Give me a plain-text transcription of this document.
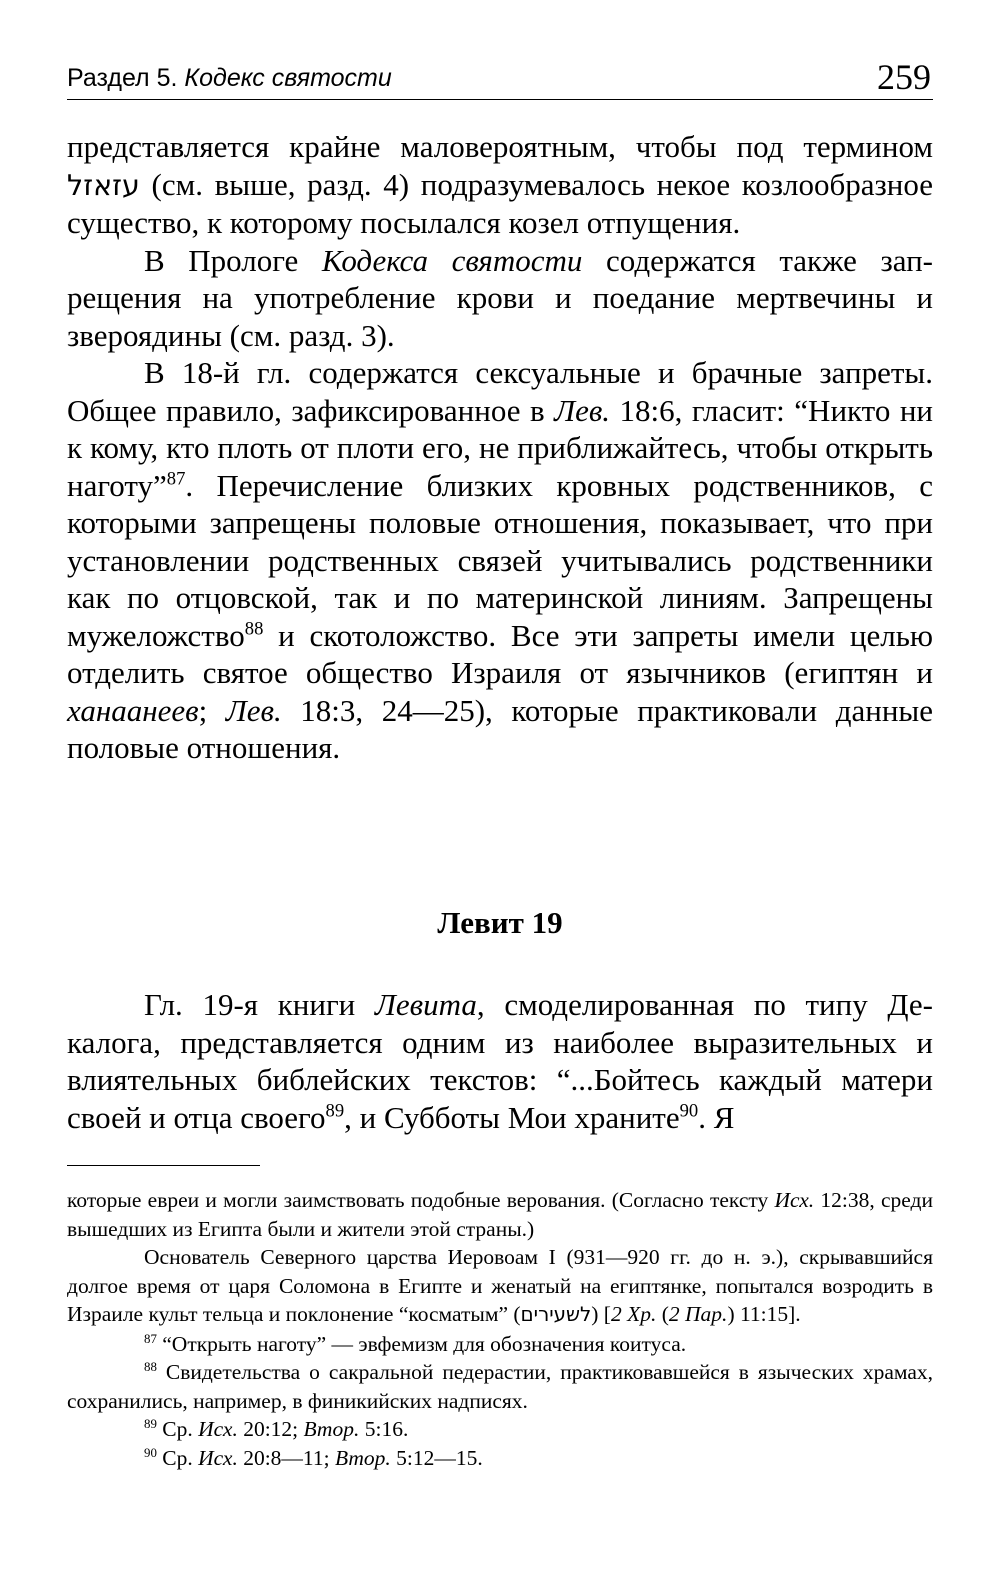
Раздел 5. Кодекс святости	259

представляется крайне маловероятным, чтобы под термином עזאזל (см. выше, разд. 4) подразумевалось некое козлообразное существо, к которому посылался козел отпущения.

В Прологе Кодекса святости содержатся также запрещения на употребление крови и поедание мертвечины и звероядины (см. разд. 3).

В 18-й гл. содержатся сексуальные и брачные запреты. Общее правило, зафиксированное в Лев. 18:6, гласит: “Никто ни к кому, кто плоть от плоти его, не приближайтесь, чтобы открыть наготу”$^{87}$. Перечисление близких кровных родственников, с которыми запрещены половые отношения, показывает, что при установлении родственных связей учитывались родственники как по отцовской, так и по материнской линиям. Запрещены мужеложство$^{88}$ и скотоложство. Все эти запреты имели целью отделить святое общество Израиля от язычников (египтян и ханаанеев; Лев. 18:3, 24—25), которые практиковали данные половые отношения.

Левит 19

Гл. 19-я книги Левита, смоделированная по типу Декалога, представляется одним из наиболее выразительных и влиятельных библейских текстов: “...Бойтесь каждый матери своей и отца своего$^{89}$, и Субботы Мои храните$^{90}$. Я

которые евреи и могли заимствовать подобные верования. (Согласно тексту Исх. 12:38, среди вышедших из Египта были и жители этой страны.)

Основатель Северного царства Иеровоам I (931—920 гг. до н. э.), скрывавшийся долгое время от царя Соломона в Египте и женатый на египтянке, попытался возродить в Израиле культ тельца и поклонение “косматым” (לשעירים) [2 Хр. (2 Пар.) 11:15].

$^{87}$ “Открыть наготу” — эвфемизм для обозначения коитуса.

$^{88}$ Свидетельства о сакральной педерастии, практиковавшейся в языческих храмах, сохранились, например, в финикийских надписях.

$^{89}$ Ср. Исх. 20:12; Втор. 5:16.

$^{90}$ Ср. Исх. 20:8—11; Втор. 5:12—15.
